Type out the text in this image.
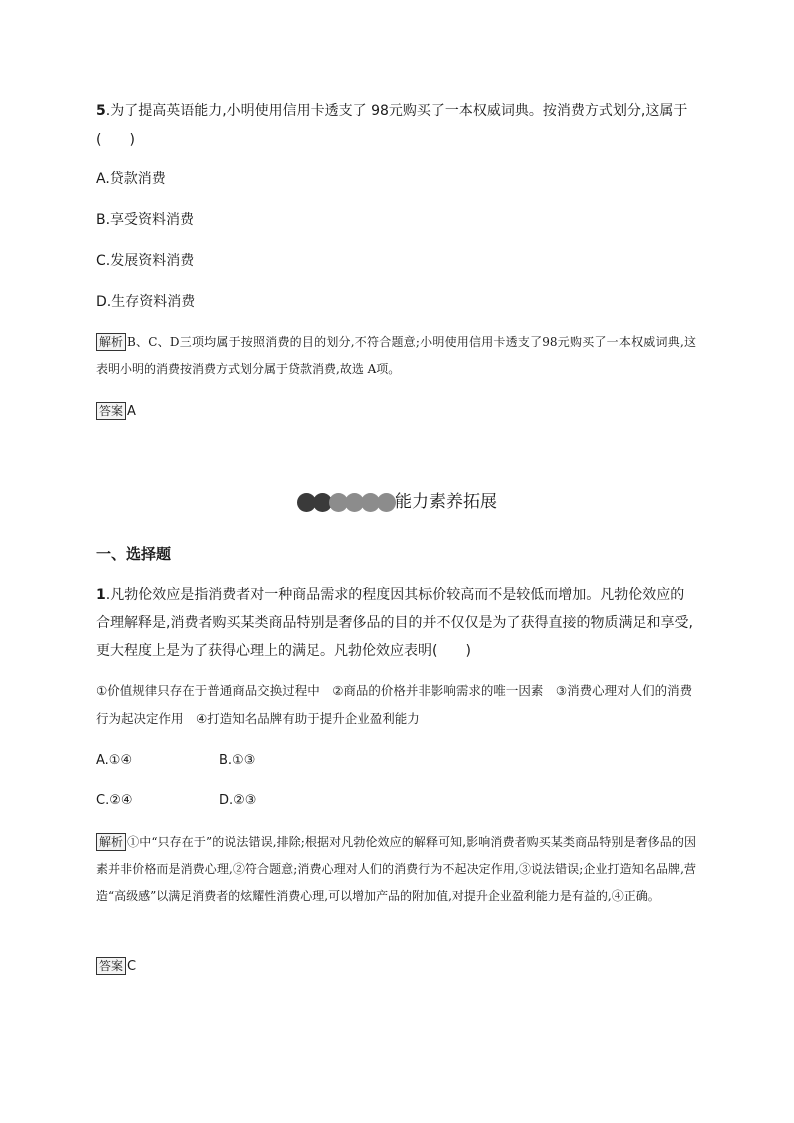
5.为了提高英语能力,小明使用信用卡透支了 98元购买了一本权威词典。按消费方式划分,这属于
(　　)
A.贷款消费
B.享受资料消费
C.发展资料消费
D.生存资料消费
解析 B、C、D三项均属于按照消费的目的划分,不符合题意;小明使用信用卡透支了98元购买了一本权威词典,这表明小明的消费按消费方式划分属于贷款消费,故选 A项。
答案 A
能力素养拓展
一、选择题
1.凡勃伦效应是指消费者对一种商品需求的程度因其标价较高而不是较低而增加。凡勃伦效应的合理解释是,消费者购买某类商品特别是奢侈品的目的并不仅仅是为了获得直接的物质满足和享受,更大程度上是为了获得心理上的满足。凡勃伦效应表明(　　)
①价值规律只存在于普通商品交换过程中　②商品的价格并非影响需求的唯一因素　③消费心理对人们的消费行为起决定作用　④打造知名品牌有助于提升企业盈利能力
A.①④	B.①③
C.②④	D.②③
解析 ①中“只存在于”的说法错误,排除;根据对凡勃伦效应的解释可知,影响消费者购买某类商品特别是奢侈品的因素并非价格而是消费心理,②符合题意;消费心理对人们的消费行为不起决定作用,③说法错误;企业打造知名品牌,营造“高级感”以满足消费者的炫耀性消费心理,可以增加产品的附加值,对提升企业盈利能力是有益的,④正确。
答案 C
